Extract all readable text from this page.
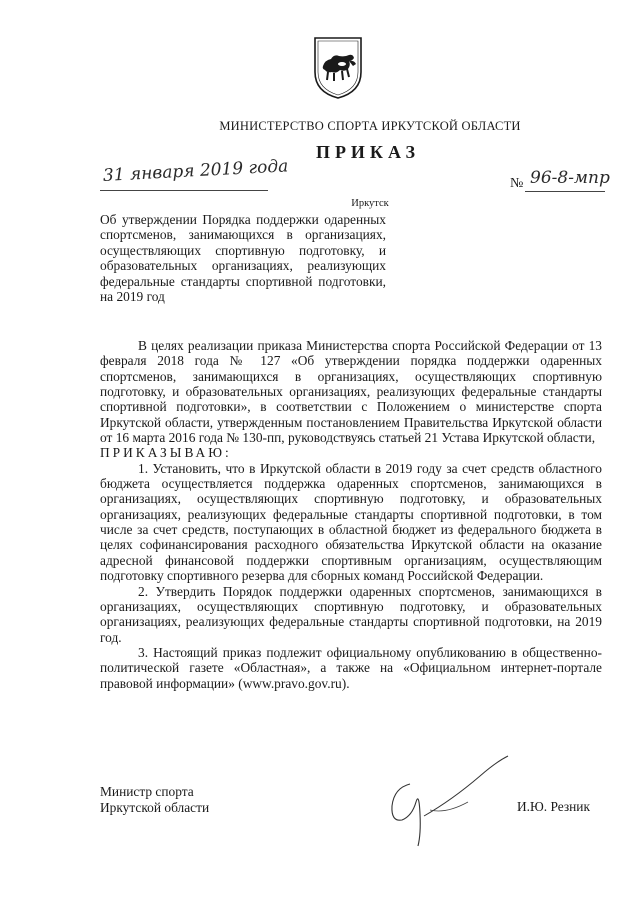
МИНИСТЕРСТВО СПОРТА ИРКУТСКОЙ ОБЛАСТИ
ПРИКАЗ
31 января 2019 года	№ 96-8-мпр
Иркутск
Об утверждении Порядка поддержки одаренных спортсменов, занимающихся в организациях, осуществляющих спортивную подготовку, и образовательных организациях, реализующих федеральные стандарты спортивной подготовки, на 2019 год

В целях реализации приказа Министерства спорта Российской Федерации от 13 февраля 2018 года № 127 «Об утверждении порядка поддержки одаренных спортсменов, занимающихся в организациях, осуществляющих спортивную подготовку, и образовательных организациях, реализующих федеральные стандарты спортивной подготовки», в соответствии с Положением о министерстве спорта Иркутской области, утвержденным постановлением Правительства Иркутской области от 16 марта 2016 года № 130-пп, руководствуясь статьей 21 Устава Иркутской области,

ПРИКАЗЫВАЮ:

1. Установить, что в Иркутской области в 2019 году за счет средств областного бюджета осуществляется поддержка одаренных спортсменов, занимающихся в организациях, осуществляющих спортивную подготовку, и образовательных организациях, реализующих федеральные стандарты спортивной подготовки, в том числе за счет средств, поступающих в областной бюджет из федерального бюджета в целях софинансирования расходного обязательства Иркутской области на оказание адресной финансовой поддержки спортивным организациям, осуществляющим подготовку спортивного резерва для сборных команд Российской Федерации.

2. Утвердить Порядок поддержки одаренных спортсменов, занимающихся в организациях, осуществляющих спортивную подготовку, и образовательных организациях, реализующих федеральные стандарты спортивной подготовки, на 2019 год.

3. Настоящий приказ подлежит официальному опубликованию в общественно-политической газете «Областная», а также на «Официальном интернет-портале правовой информации» (www.pravo.gov.ru).

Министр спорта
Иркутской области	И.Ю. Резник
